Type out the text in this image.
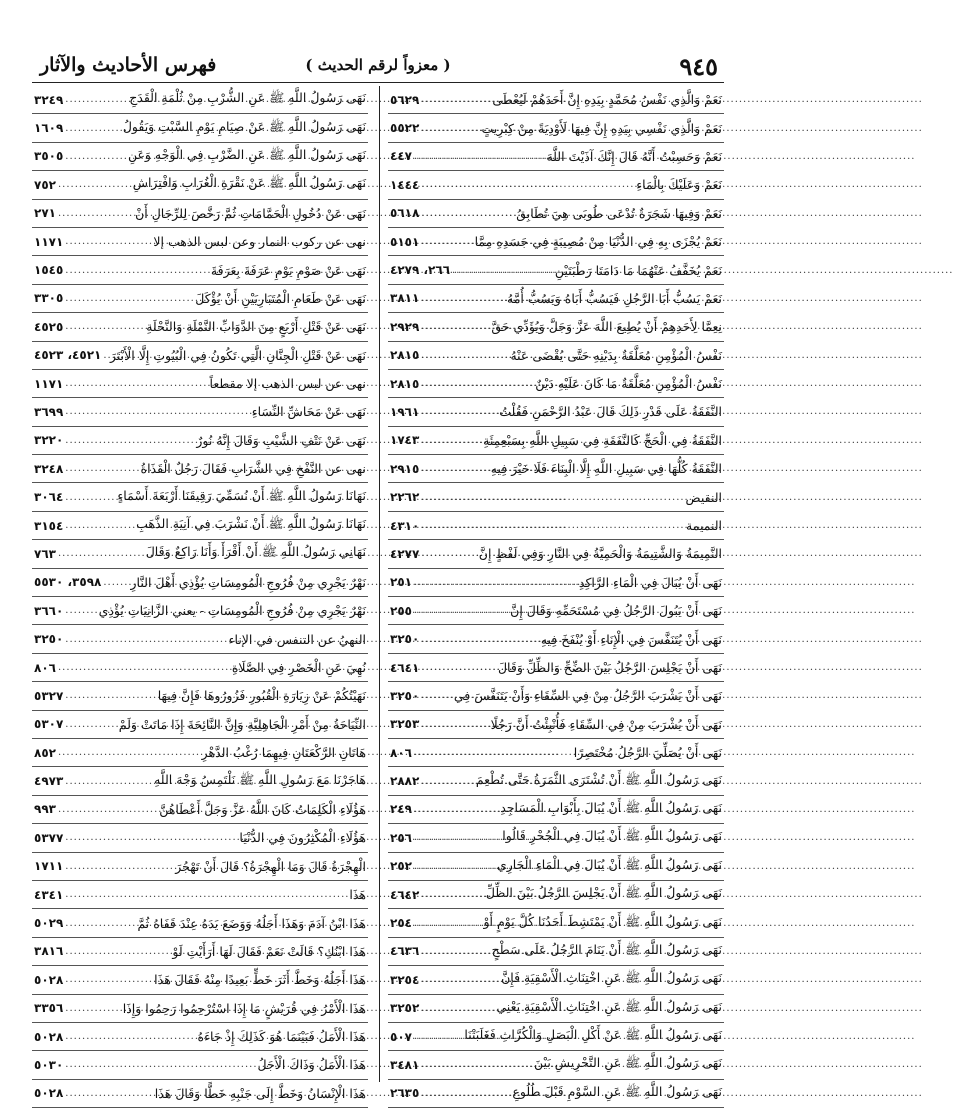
٩٤٥
( معزواً لرقم الحديث )
فهرس الأحاديث والآثار
٥٦٢٩ .....	نَعَمْ وَالَّذِي نَفْسُ مُحَمَّدٍ بِيَدِهِ إِنَّ أَحَدَهُمْ لَيُعْطَى
٥٥٢٢ .....	نَعَمْ وَالَّذِي نَفْسِي بِيَدِهِ إِنَّ فِيهَا لَأَوْدِيَةً مِنْ كِبْرِيتٍ
٤٤٧ .....	نَعَمْ وَحَسِبْتُ أَنَّهُ قَالَ إِنَّكَ آذَيْتَ اللَّهَ
١٤٤٤ .....	نَعَمْ وَعَلَيْكَ بِالْمَاءِ
٥٦١٨ .....	نَعَمْ وَفِيهَا شَجَرَةٌ تُدْعَى طُوبَى هِيَ تُطَابِقُ
٥١٥١ .....	نَعَمْ يُجْزَى بِهِ فِي الدُّنْيَا مِنْ مُصِيبَةٍ فِي جَسَدِهِ مِمَّا
٢٦٦، ٤٢٧٩ .....	نَعَمْ يُخَفَّفُ عَنْهُمَا مَا دَامَتَا رَطْبَتَيْنِ
٣٨١١ .....	نَعَمْ يَسُبُّ أَبَا الرَّجُلِ فَيَسُبُّ أَبَاهُ وَيَسُبُّ أُمَّهُ
٢٩٢٩ .....	نِعِمَّا لِأَحَدِهِمْ أَنْ يُطِيعَ اللَّهَ عَزَّ وَجَلَّ وَيُؤَدِّي حَقَّ
٢٨١٥ .....	نَفْسُ الْمُؤْمِنِ مُعَلَّقَةٌ بِدَيْنِهِ حَتَّى يُقْضَى عَنْهُ
٢٨١٥ .....	نَفْسُ الْمُؤْمِنِ مُعَلَّقَةٌ مَا كَانَ عَلَيْهِ دَيْنٌ
١٩٦١ .....	النَّفَقَةُ عَلَى قَدْرِ ذَلِكَ قَالَ عَبْدُ الرَّحْمَنِ فَقُلْتُ
١٧٤٣ .....	النَّفَقَةُ فِي الْحَجِّ كَالنَّفَقَةِ فِي سَبِيلِ اللَّهِ بِسَبْعِمِئَةِ
٢٩١٥ .....	النَّفَقَةُ كُلُّهَا فِي سَبِيلِ اللَّهِ إِلَّا الْبِنَاءَ فَلَا خَيْرَ فِيهِ
٢٢٦٢ .....	النقيض
٤٣١٠ .....	النميمة
٤٢٧٧ .....	النَّمِيمَةُ وَالشَّتِيمَةُ وَالْحَمِيَّةُ فِي النَّارِ وَفِي لَفْظٍ إِنَّ
٢٥١ .....	نَهَى أَنْ يُبَالَ فِي الْمَاءِ الرَّاكِدِ
٢٥٥ .....	نَهَى أَنْ يَبُولَ الرَّجُلُ فِي مُسْتَحَمِّهِ وَقَالَ إِنَّ
٣٢٥٠ .....	نَهَى أَنْ يُتَنَفَّسَ فِي الْإِنَاءِ أَوْ يُنْفَخَ فِيهِ
٤٦٤١ .....	نَهَى أَنْ يَجْلِسَ الرَّجُلُ بَيْنَ الضِّحِّ وَالظِّلِّ وَقَالَ
٣٢٥٠ .....	نَهَى أَنْ يَشْرَبَ الرَّجُلُ مِنْ فِي السِّقَاءِ وَأَنْ يَتَنَفَّسَ فِي
٣٢٥٣ .....	نَهَى أَنْ يُشْرَبَ مِنْ فِي السِّقَاءِ فَأُنْبِئْتُ أَنَّ رَجُلًا
٨٠٦ .....	نَهَى أَنْ يُصَلِّيَ الرَّجُلُ مُخْتَصِرًا
٢٨٨٢ .....	نَهَى رَسُولُ اللَّهِ ﷺ أَنْ تُشْتَرَى الثَّمَرَةُ حَتَّى تُطْعِمَ
٢٤٩ .....	نَهَى رَسُولُ اللَّهِ ﷺ أَنْ يُبَالَ بِأَبْوَابِ الْمَسَاجِدِ
٢٥٦ .....	نَهَى رَسُولُ اللَّهِ ﷺ أَنْ يُبَالَ فِي الْجُحْرِ قَالُوا
٢٥٢ .....	نَهَى رَسُولُ اللَّهِ ﷺ أَنْ يُبَالَ فِي الْمَاءِ الْجَارِي
٤٦٤٢ .....	نَهَى رَسُولُ اللَّهِ ﷺ أَنْ يَجْلِسَ الرَّجُلُ بَيْنَ الظِّلِّ
٢٥٤ .....	نَهَى رَسُولُ اللَّهِ ﷺ أَنْ يَمْتَشِطَ أَحَدُنَا كُلَّ يَوْمٍ أَوْ
٤٦٣٦ .....	نَهَى رَسُولُ اللَّهِ ﷺ أَنْ يَنَامَ الرَّجُلُ عَلَى سَطْحٍ
٣٢٥٤ .....	نَهَى رَسُولُ اللَّهِ ﷺ عَنِ اخْتِنَاثِ الْأَسْقِيَةِ فَإِنَّ
٣٢٥٢ .....	نَهَى رَسُولُ اللَّهِ ﷺ عَنِ اخْتِنَاثِ الْأَسْقِيَةِ يَعْنِي
٥٠٧ .....	نَهَى رَسُولُ اللَّهِ ﷺ عَنْ أَكْلِ الْبَصَلِ وَالْكُرَّاثِ فَغَلَبَتْنَا
٣٤٨١ .....	نَهَى رَسُولُ اللَّهِ ﷺ عَنِ التَّحْرِيشِ بَيْنَ
٢٦٣٥ .....	نَهَى رَسُولُ اللَّهِ ﷺ عَنِ السَّوْمِ قَبْلَ طُلُوعِ
٣٢٤٩ .....	نَهَى رَسُولُ اللَّهِ ﷺ عَنِ الشُّرْبِ مِنْ ثُلْمَةِ الْقَدَحِ
١٦٠٩ .....	نَهَى رَسُولُ اللَّهِ ﷺ عَنْ صِيَامِ يَوْمِ السَّبْتِ وَيَقُولُ
٣٥٠٥ .....	نَهَى رَسُولُ اللَّهِ ﷺ عَنِ الضَّرْبِ فِي الْوَجْهِ وَعَنِ
٧٥٢ .....	نَهَى رَسُولُ اللَّهِ ﷺ عَنْ نَقْرَةِ الْغُرَابِ وَافْتِرَاشِ
٢٧١ .....	نَهَى عَنْ دُخُولِ الْحَمَّامَاتِ ثُمَّ رَخَّصَ لِلرِّجَالِ أَنْ
١١٧١ .....	نهى عن ركوب النمار وعن لبس الذهب إلا
١٥٤٥ .....	نَهَى عَنْ صَوْمِ يَوْمِ عَرَفَةَ بِعَرَفَةَ
٣٣٠٥ .....	نَهَى عَنْ طَعَامِ الْمُتَبَارِيَيْنِ أَنْ يُؤْكَلَ
٤٥٢٥ .....	نَهَى عَنْ قَتْلِ أَرْبَعٍ مِنَ الدَّوَابِّ النَّمْلَةِ وَالنَّحْلَةِ
٤٥٢١، ٤٥٢٣ ..... نَهَى عَنْ قَتْلِ الْجِنَّانِ الَّتِي تَكُونُ فِي الْبُيُوتِ إِلَّا الْأَبْتَرَ
١١٧١ .....	نهى عن لبس الذهب إلا مقطعاً
٣٦٩٩ .....	نَهَى عَنْ مَحَاشِّ النِّسَاءِ
٣٢٢٠ .....	نَهَى عَنْ نَتْفِ الشَّيْبِ وَقَالَ إِنَّهُ نُورٌ
٣٢٤٨ .....	نهى عن النَّفْخِ فِي الشَّرَابِ فَقَالَ رَجُلٌ الْقَذَاةُ
٣٠٦٤ .....	نَهَانَا رَسُولُ اللَّهِ ﷺ أَنْ نُسَمِّيَ رَقِيقَنَا أَرْبَعَةَ أَسْمَاءٍ
٣١٥٤ .....	نَهَانَا رَسُولُ اللَّهِ ﷺ أَنْ نَشْرَبَ فِي آنِيَةِ الذَّهَبِ
٧٦٣ .....	نَهَانِي رَسُولُ اللَّهِ ﷺ أَنْ أَقْرَأَ وَأَنَا رَاكِعٌ وَقَالَ
٣٥٩٨، ٥٥٣٠ ..... نَهْرٌ يَجْرِي مِنْ فُرُوجِ الْمُومِسَاتِ يُؤْذِي أَهْلَ النَّارِ
٣٦٦٠ .....	نَهْرٌ يَجْرِي مِنْ فُرُوجِ الْمُومِسَاتِ - يعني الزَّانِيَاتِ يُؤْذِي
٣٢٥٠ .....	النهيُ عن التنفس في الإناء
٨٠٦ .....	نُهِيَ عَنِ الْخَصْرِ فِي الصَّلَاةِ
٥٣٢٧ .....	نَهَيْتُكُمْ عَنْ زِيَارَةِ الْقُبُورِ فَزُورُوهَا فَإِنَّ فِيهَا
٥٣٠٧ .....	النِّيَاحَةُ مِنْ أَمْرِ الْجَاهِلِيَّةِ وَإِنَّ النَّائِحَةَ إِذَا مَاتَتْ وَلَمْ
٨٥٢ .....	هَاتَانِ الرَّكْعَتَانِ فِيهِمَا رُغْبُ الدَّهْرِ
٤٩٧٣ .....	هَاجَرْنَا مَعَ رَسُولِ اللَّهِ ﷺ نَلْتَمِسُ وَجْهَ اللَّهِ
٩٩٣ .....	هَؤُلَاءِ الْكَلِمَاتُ كَانَ اللَّهُ عَزَّ وَجَلَّ أَعْطَاهُنَّ
٥٣٧٧ .....	هَؤُلَاءِ الْمُكْثِرُونَ فِي الدُّنْيَا
١٧١١ .....	الْهِجْرَةُ قَالَ وَمَا الْهِجْرَةُ؟ قَالَ أَنْ تَهْجُرَ
٤٣٤١ .....	هَذَا
٥٠٢٩ .....	هَذَا ابْنُ آدَمَ وَهَذَا أَجَلُهُ وَوَضَعَ يَدَهُ عِنْدَ قَفَاهُ ثُمَّ
٣٨١٦ .....	هَذَا ابْنُكِ؟ قَالَتْ نَعَمْ فَقَالَ لَهَا أَرَأَيْتِ لَوْ
٥٠٢٨ .....	هَذَا أَجَلُهُ وَخَطَّ أَثَرَ خَطٍّ بَعِيدًا مِنْهُ فَقَالَ هَذَا
٣٣٥٦ .....	هَذَا الْأَمْرُ فِي قُرَيْشٍ مَا إِذَا اسْتُرْحِمُوا رَحِمُوا وَإِذَا
٥٠٢٨ .....	هَذَا الْأَمَلُ فَبَيْنَمَا هُوَ كَذَلِكَ إِذْ جَاءَهُ
٥٠٣٠ .....	هَذَا الْأَمَلُ وَذَاكَ الْأَجَلُ
٥٠٢٨ .....	هَذَا الْإِنْسَانُ وَخَطَّ إِلَى جَنْبِهِ خَطًّا وَقَالَ هَذَا
